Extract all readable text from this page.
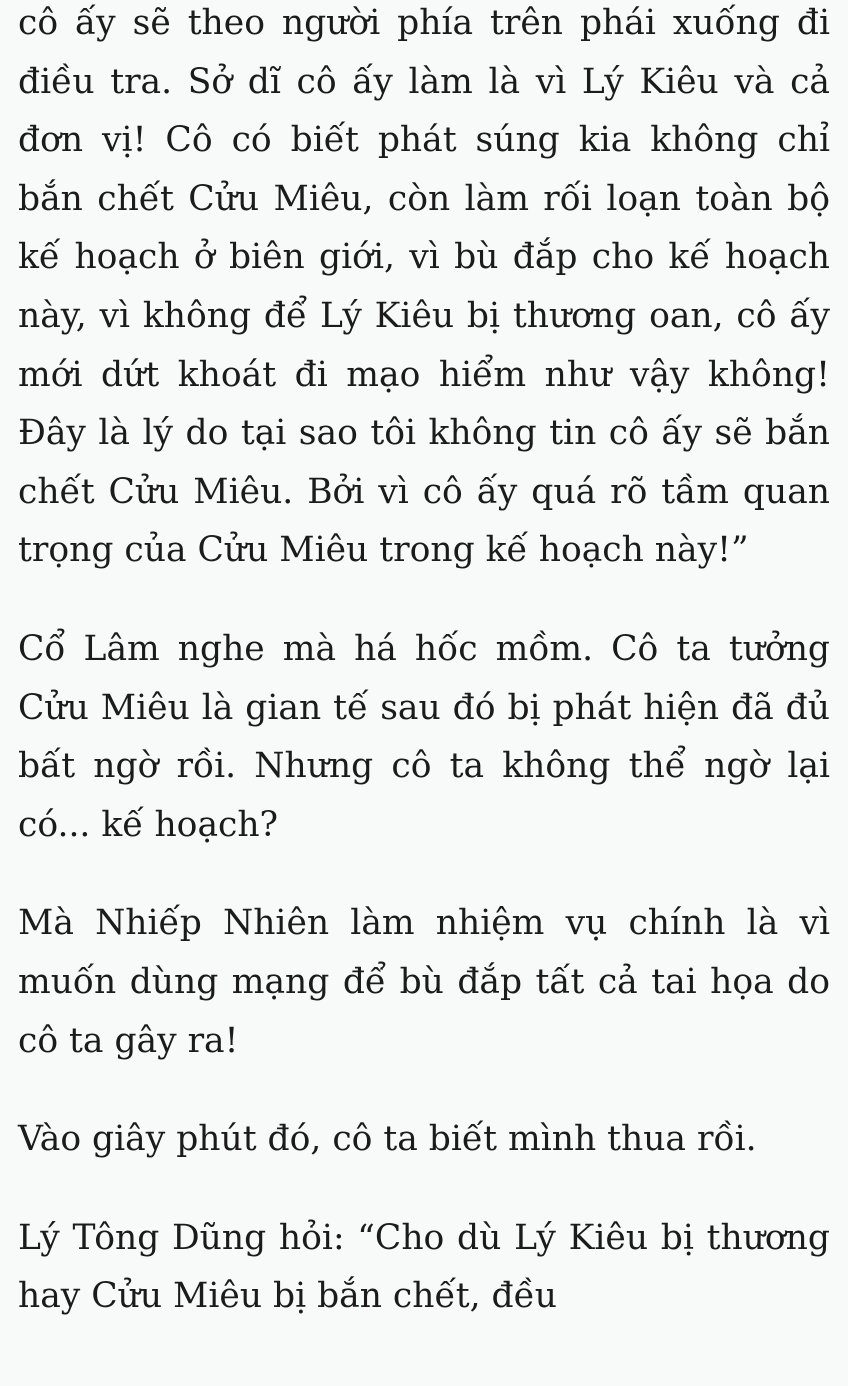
cô ấy sẽ theo người phía trên phái xuống đi điều tra. Sở dĩ cô ấy làm là vì Lý Kiêu và cả đơn vị! Cô có biết phát súng kia không chỉ bắn chết Cửu Miêu, còn làm rối loạn toàn bộ kế hoạch ở biên giới, vì bù đắp cho kế hoạch này, vì không để Lý Kiêu bị thương oan, cô ấy mới dứt khoát đi mạo hiểm như vậy không! Đây là lý do tại sao tôi không tin cô ấy sẽ bắn chết Cửu Miêu. Bởi vì cô ấy quá rõ tầm quan trọng của Cửu Miêu trong kế hoạch này!”

Cổ Lâm nghe mà há hốc mồm. Cô ta tưởng Cửu Miêu là gian tế sau đó bị phát hiện đã đủ bất ngờ rồi. Nhưng cô ta không thể ngờ lại có... kế hoạch?

Mà Nhiếp Nhiên làm nhiệm vụ chính là vì muốn dùng mạng để bù đắp tất cả tai họa do cô ta gây ra!

Vào giây phút đó, cô ta biết mình thua rồi.

Lý Tông Dũng hỏi: “Cho dù Lý Kiêu bị thương hay Cửu Miêu bị bắn chết, đều
